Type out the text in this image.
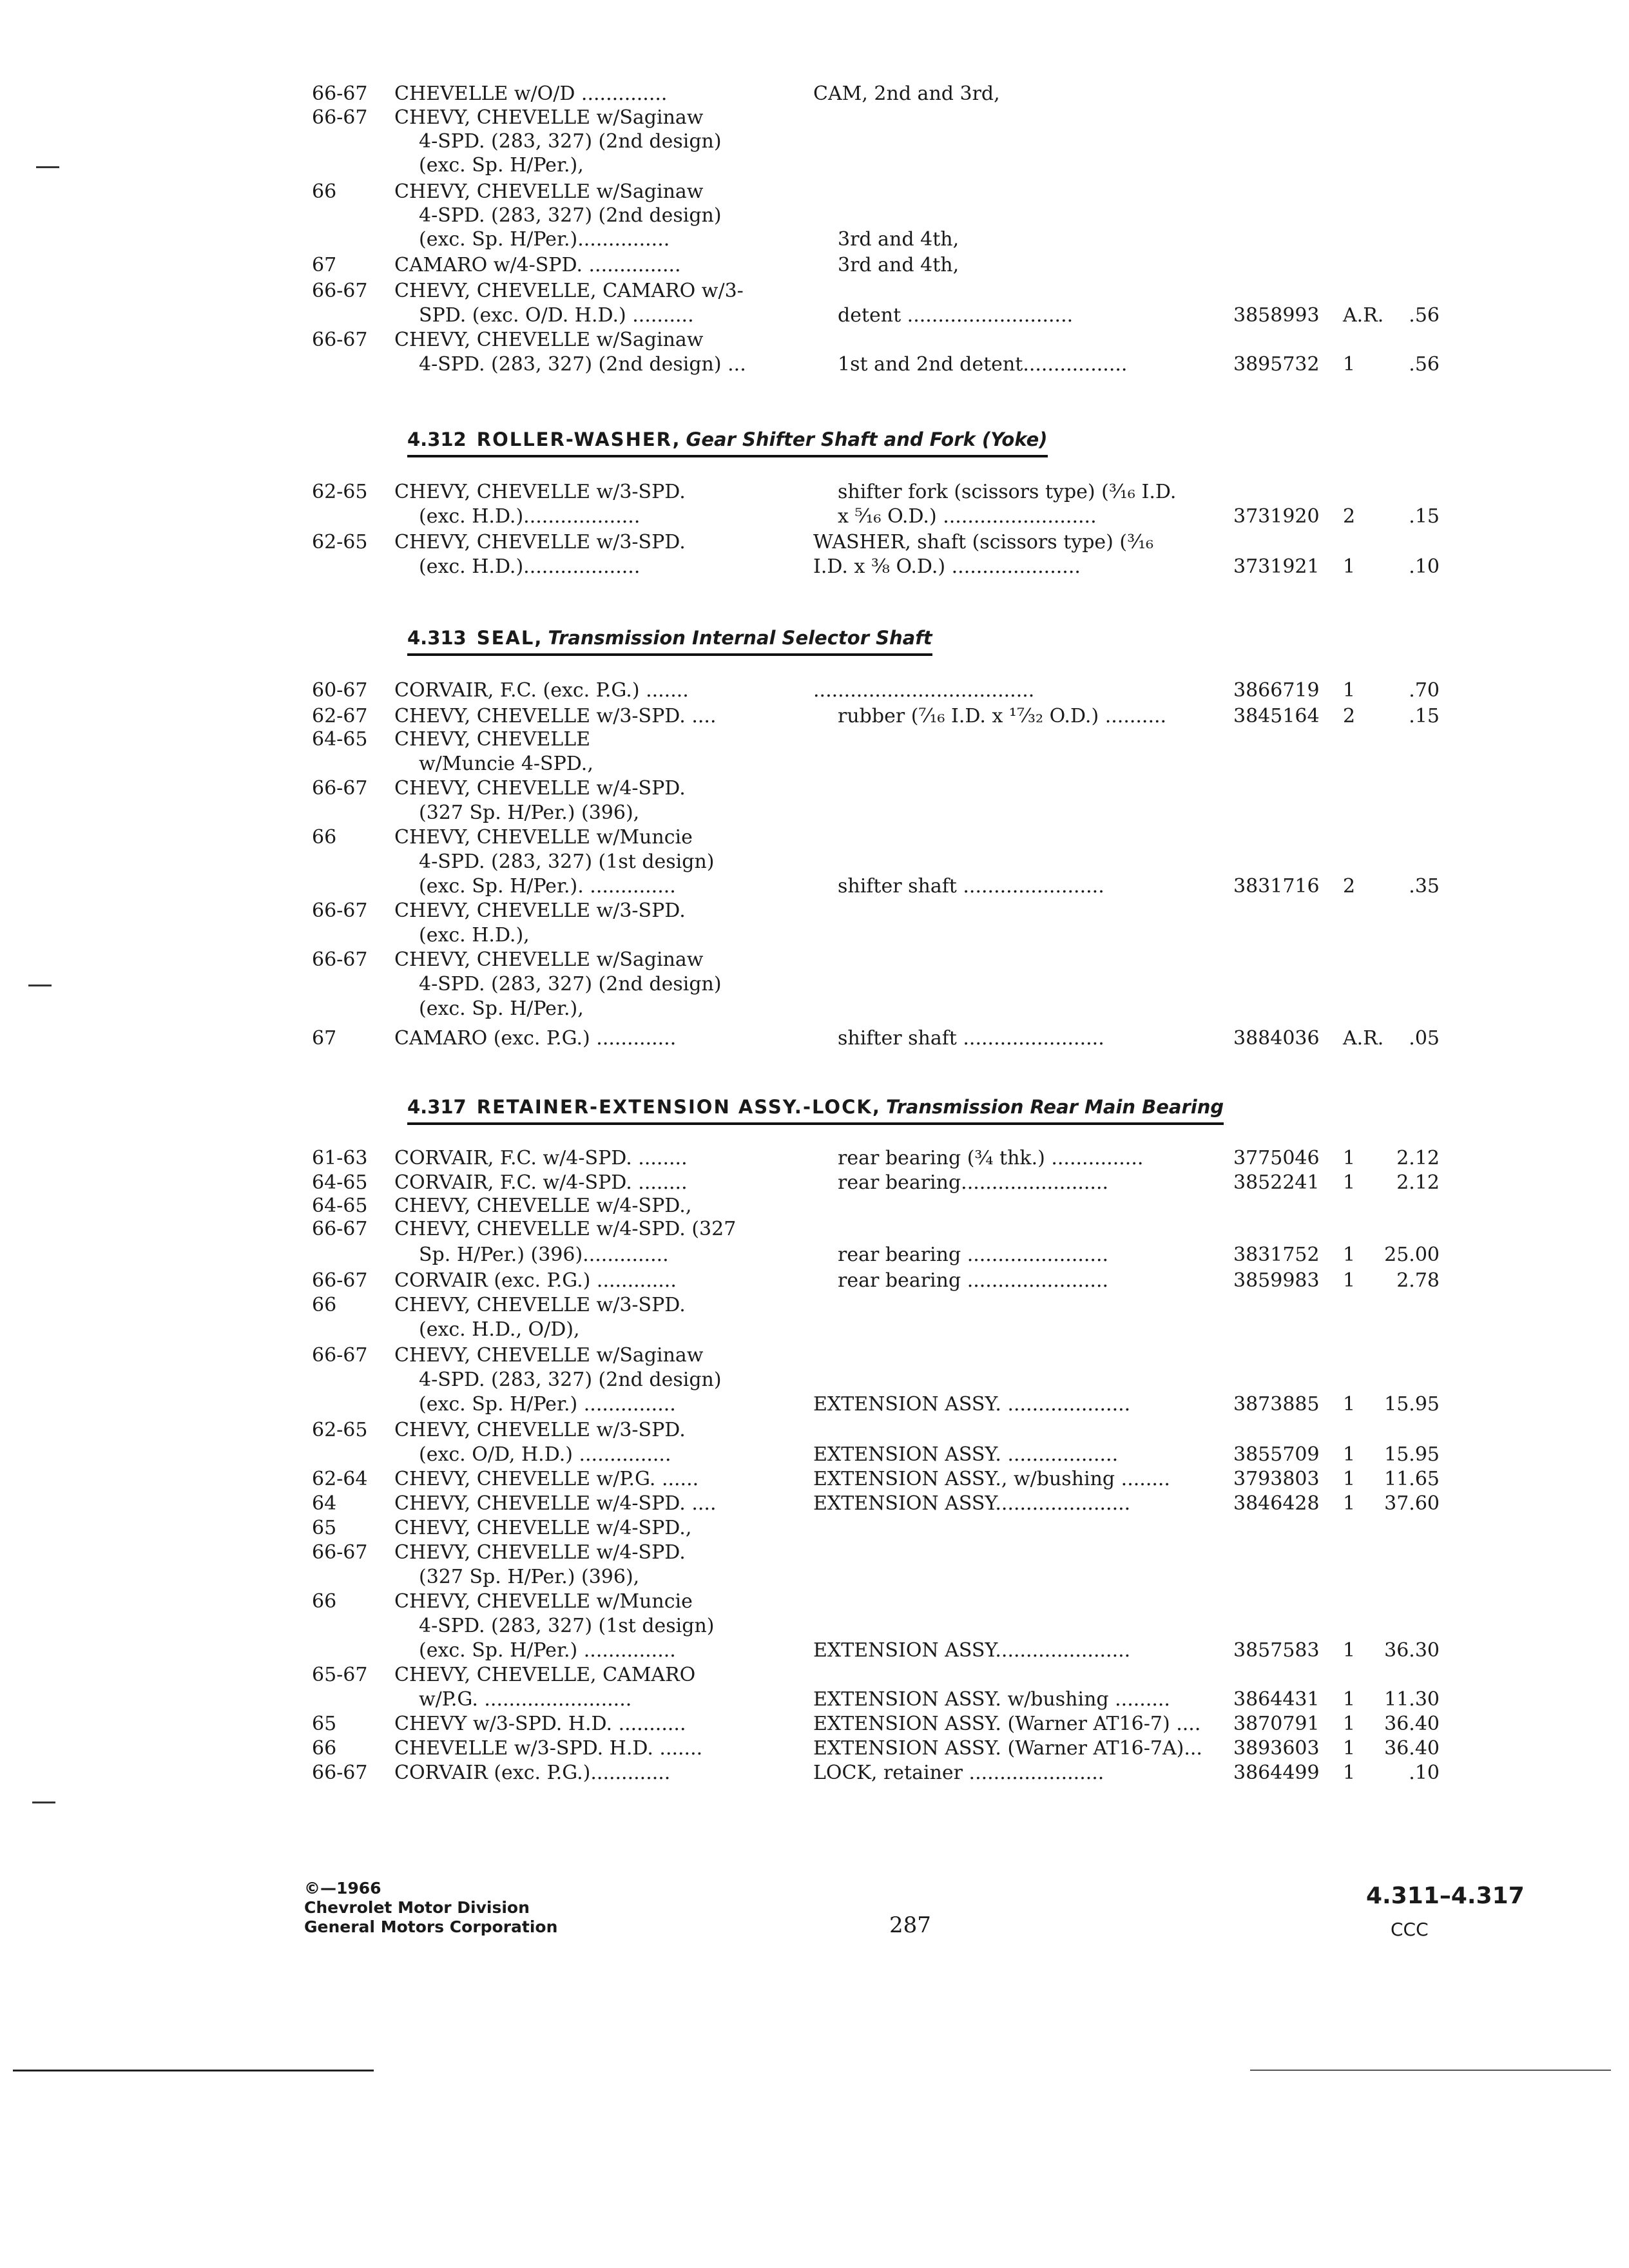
66-67 CHEVELLE w/O/D ..............	CAM, 2nd and 3rd,
66-67 CHEVY, CHEVELLE w/Saginaw
4-SPD. (283, 327) (2nd design)
(exc. Sp. H/Per.),
66	CHEVY, CHEVELLE w/Saginaw
4-SPD. (283, 327) (2nd design)
(exc. Sp. H/Per.)...............	3rd and 4th,
67	CAMARO w/4-SPD. ...............	3rd and 4th,
66-67 CHEVY, CHEVELLE, CAMARO w/3-
SPD. (exc. O/D. H.D.) ..........	detent ...........................	3858993 A.R.	.56
66-67 CHEVY, CHEVELLE w/Saginaw
4-SPD. (283, 327) (2nd design) ...	1st and 2nd detent.................	3895732 1	.56
4.312 ROLLER-WASHER, Gear Shifter Shaft and Fork (Yoke)
62-65 CHEVY, CHEVELLE w/3-SPD.	shifter fork (scissors type) (³⁄₁₆ I.D.
(exc. H.D.)...................	x ⁵⁄₁₆ O.D.) .........................	3731920 2	.15
62-65 CHEVY, CHEVELLE w/3-SPD.	WASHER, shaft (scissors type) (³⁄₁₆
(exc. H.D.)...................	I.D. x ³⁄₈ O.D.) .....................	3731921 1	.10
4.313 SEAL, Transmission Internal Selector Shaft
60-67 CORVAIR, F.C. (exc. P.G.) .......	....................................	3866719 1	.70
62-67 CHEVY, CHEVELLE w/3-SPD. ....	rubber (⁷⁄₁₆ I.D. x ¹⁷⁄₃₂ O.D.) ..........	3845164 2	.15
64-65 CHEVY, CHEVELLE
w/Muncie 4-SPD.,
66-67 CHEVY, CHEVELLE w/4-SPD.
(327 Sp. H/Per.) (396),
66	CHEVY, CHEVELLE w/Muncie
4-SPD. (283, 327) (1st design)
(exc. Sp. H/Per.). ..............	shifter shaft .......................	3831716 2	.35
66-67 CHEVY, CHEVELLE w/3-SPD.
(exc. H.D.),
66-67 CHEVY, CHEVELLE w/Saginaw
4-SPD. (283, 327) (2nd design)
(exc. Sp. H/Per.),
67	CAMARO (exc. P.G.) .............	shifter shaft .......................	3884036 A.R.	.05
4.317 RETAINER-EXTENSION ASSY.-LOCK, Transmission Rear Main Bearing
61-63 CORVAIR, F.C. w/4-SPD. ........	rear bearing (¾ thk.) ...............	3775046 1	2.12
64-65 CORVAIR, F.C. w/4-SPD. ........	rear bearing........................	3852241 1	2.12
64-65 CHEVY, CHEVELLE w/4-SPD.,
66-67 CHEVY, CHEVELLE w/4-SPD. (327
Sp. H/Per.) (396)..............	rear bearing .......................	3831752 1	25.00
66-67 CORVAIR (exc. P.G.) .............	rear bearing .......................	3859983 1	2.78
66	CHEVY, CHEVELLE w/3-SPD.
(exc. H.D., O/D),
66-67 CHEVY, CHEVELLE w/Saginaw
4-SPD. (283, 327) (2nd design)
(exc. Sp. H/Per.) ...............	EXTENSION ASSY. ....................	3873885 1	15.95
62-65 CHEVY, CHEVELLE w/3-SPD.
(exc. O/D, H.D.) ...............	EXTENSION ASSY. ..................	3855709 1	15.95
62-64 CHEVY, CHEVELLE w/P.G. ......	EXTENSION ASSY., w/bushing ........	3793803 1	11.65
64	CHEVY, CHEVELLE w/4-SPD. ....	EXTENSION ASSY......................	3846428 1	37.60
65	CHEVY, CHEVELLE w/4-SPD.,
66-67 CHEVY, CHEVELLE w/4-SPD.
(327 Sp. H/Per.) (396),
66	CHEVY, CHEVELLE w/Muncie
4-SPD. (283, 327) (1st design)
(exc. Sp. H/Per.) ...............	EXTENSION ASSY......................	3857583 1	36.30
65-67 CHEVY, CHEVELLE, CAMARO
w/P.G. ........................	EXTENSION ASSY. w/bushing .........	3864431 1	11.30
65	CHEVY w/3-SPD. H.D. ...........	EXTENSION ASSY. (Warner AT16-7) .... 3870791 1	36.40
66	CHEVELLE w/3-SPD. H.D. .......	EXTENSION ASSY. (Warner AT16-7A)... 3893603 1	36.40
66-67 CORVAIR (exc. P.G.).............	LOCK, retainer ......................	3864499 1	.10
©—1966
Chevrolet Motor Division
General Motors Corporation	287
4.311–4.317
CCC
